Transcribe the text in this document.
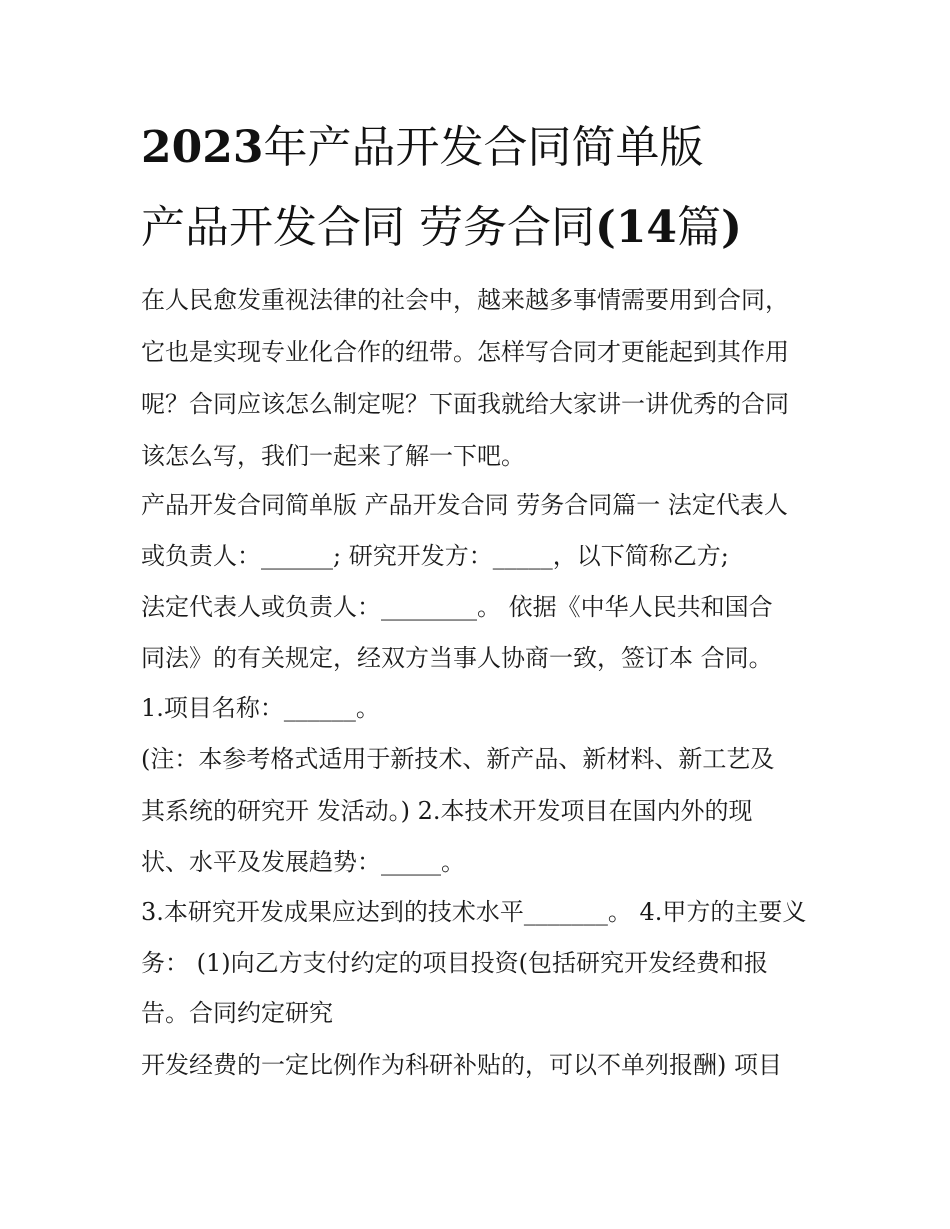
2023年产品开发合同简单版
产品开发合同 劳务合同(14篇)

在人民愈发重视法律的社会中，越来越多事情需要用到合同，

它也是实现专业化合作的纽带。怎样写合同才更能起到其作用

呢？合同应该怎么制定呢？下面我就给大家讲一讲优秀的合同

该怎么写，我们一起来了解一下吧。

产品开发合同简单版 产品开发合同 劳务合同篇一 法定代表人

或负责人：______; 研究开发方：_____，以下简称乙方;

法定代表人或负责人：________。 依据《中华人民共和国合

同法》的有关规定，经双方当事人协商一致，签订本 合同。

1.项目名称：______。

(注：本参考格式适用于新技术、新产品、新材料、新工艺及

其系统的研究开 发活动。) 2.本技术开发项目在国内外的现

状、水平及发展趋势：_____。

3.本研究开发成果应达到的技术水平_______。 4.甲方的主要义

务： (1)向乙方支付约定的项目投资(包括研究开发经费和报

告。合同约定研究

开发经费的一定比例作为科研补贴的，可以不单列报酬) 项目
